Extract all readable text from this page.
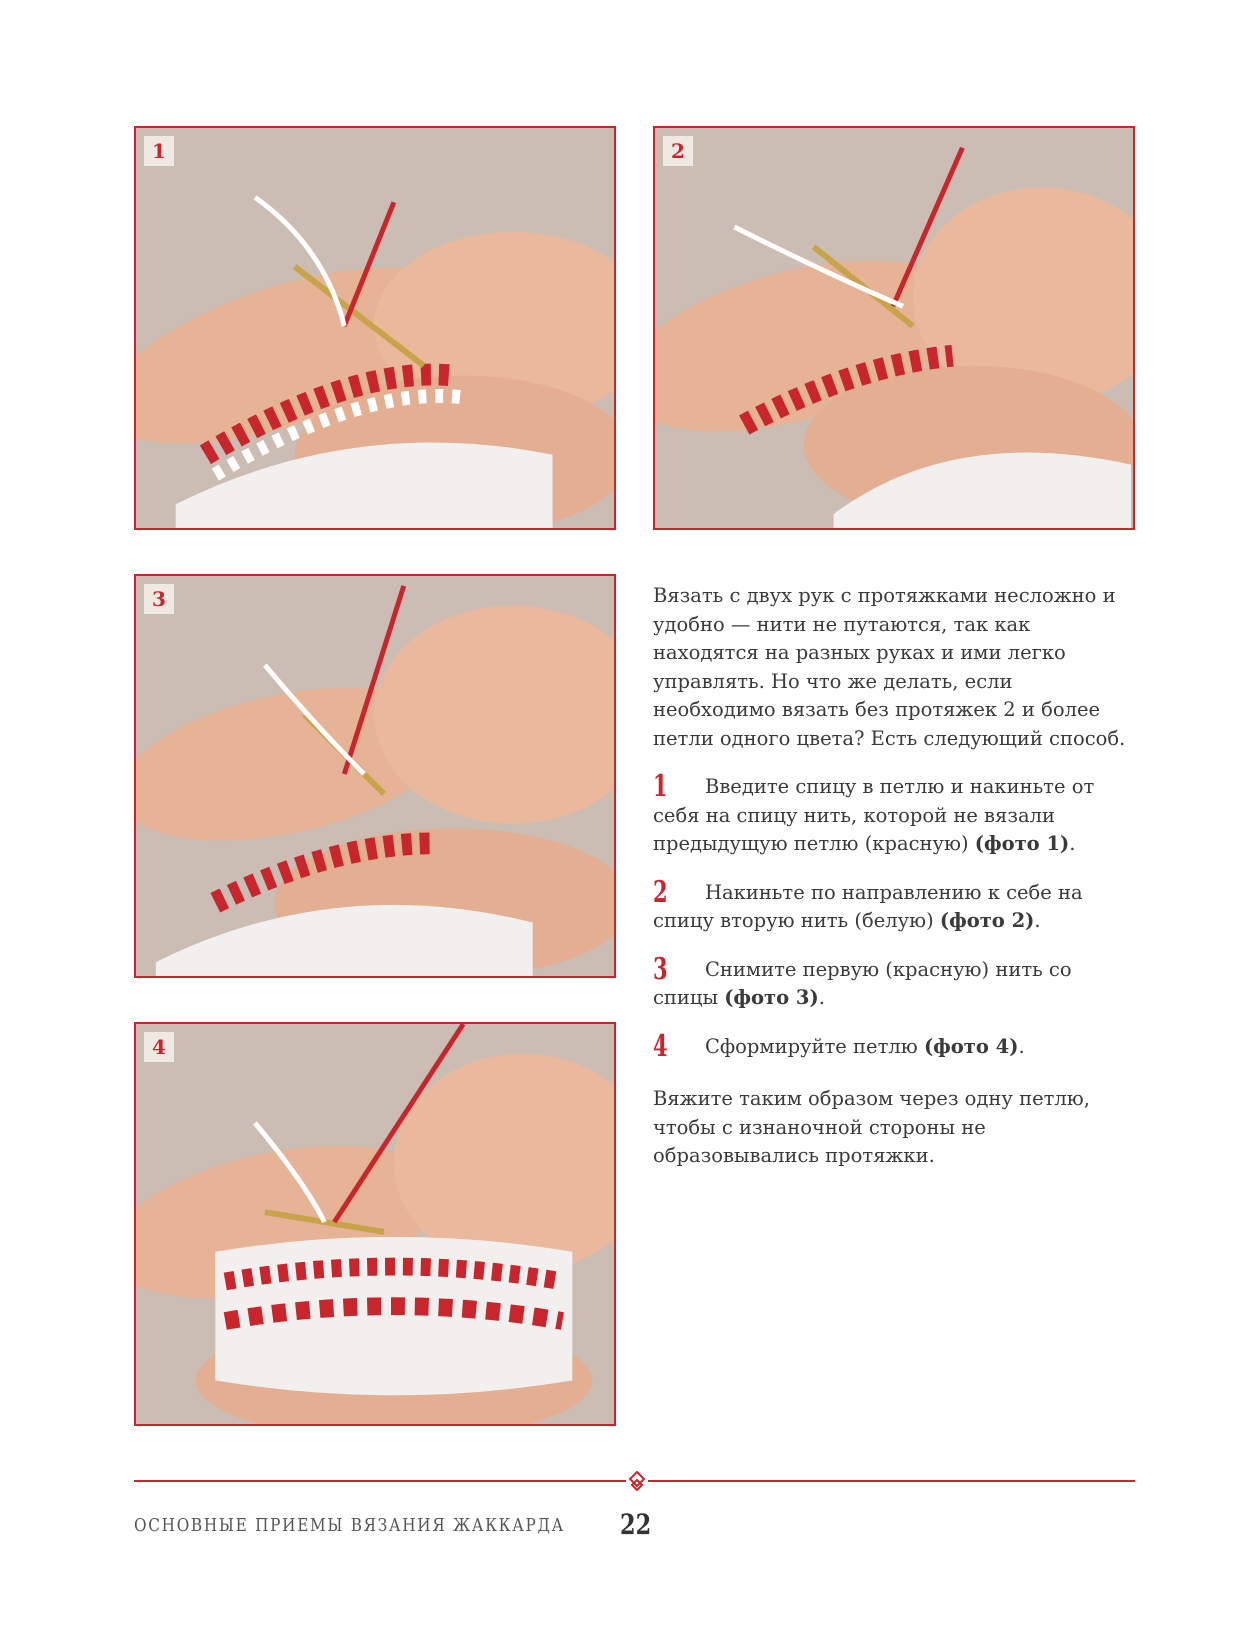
1	2
3
4

Вязать с двух рук с протяжками несложно и удобно — нити не путаются, так как находятся на разных руках и ими легко управлять. Но что же делать, если необходимо вязать без протяжек 2 и более петли одного цвета? Есть следующий способ.

1	Введите спицу в петлю и накиньте от себя на спицу нить, которой не вязали предыдущую петлю (красную) (фото 1).

2	Накиньте по направлению к себе на спицу вторую нить (белую) (фото 2).

3	Снимите первую (красную) нить со спицы (фото 3).

4	Сформируйте петлю (фото 4).

Вяжите таким образом через одну петлю, чтобы с изнаночной стороны не образовывались протяжки.

ОСНОВНЫЕ ПРИЕМЫ ВЯЗАНИЯ ЖАККАРДА 22
